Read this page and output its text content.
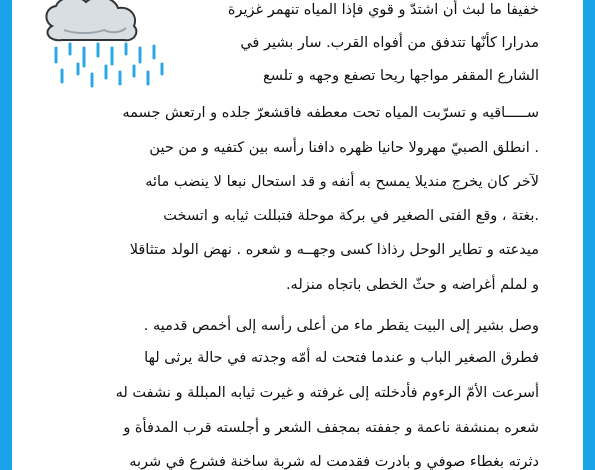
خفيفا ما لبث أن اشتدّ و قوي فإذا المياه تنهمر غزيرة
مدرارا كأنّها تتدفق من أفواه القرب. سار بشير في
الشارع المقفر مواجها ريحا تصفع وجهه و تلسع
ســـــاقيه و تسرّبت المياه تحت معطفه فاقشعرّ جلده و ارتعش جسمه
. انطلق الصبيّ مهرولا حانيا ظهره دافنا رأسه بين كتفيه و من حين
لآخر كان يخرج منديلا يمسح به أنفه و قد استحال نبعا لا ينضب مائه
.بغتة ، وقع الفتى الصغير في بركة موحلة فتبللت ثيابه و اتسخت
ميدعته و تطاير الوحل رذاذا كسى وجهــه و شعره . نهض الولد متثاقلا
و لملم أغراضه و حثّ الخطى باتجاه منزله.
وصل بشير إلى البيت يقطر ماء من أعلى رأسه إلى أخمص قدميه .
فطرق الصغير الباب و عندما فتحت له أمّه وجدته في حالة يرثى لها
أسرعت الأمّ الرءوم فأدخلته إلى غرفته و غيرت ثيابه المبللة و نشفت له
شعره بمنشفة ناعمة و جففته بمجفف الشعر و أجلسته قرب المدفأة و
دثرته بغطاء صوفي و بادرت فقدمت له شربة ساخنة فشرع في شربه
